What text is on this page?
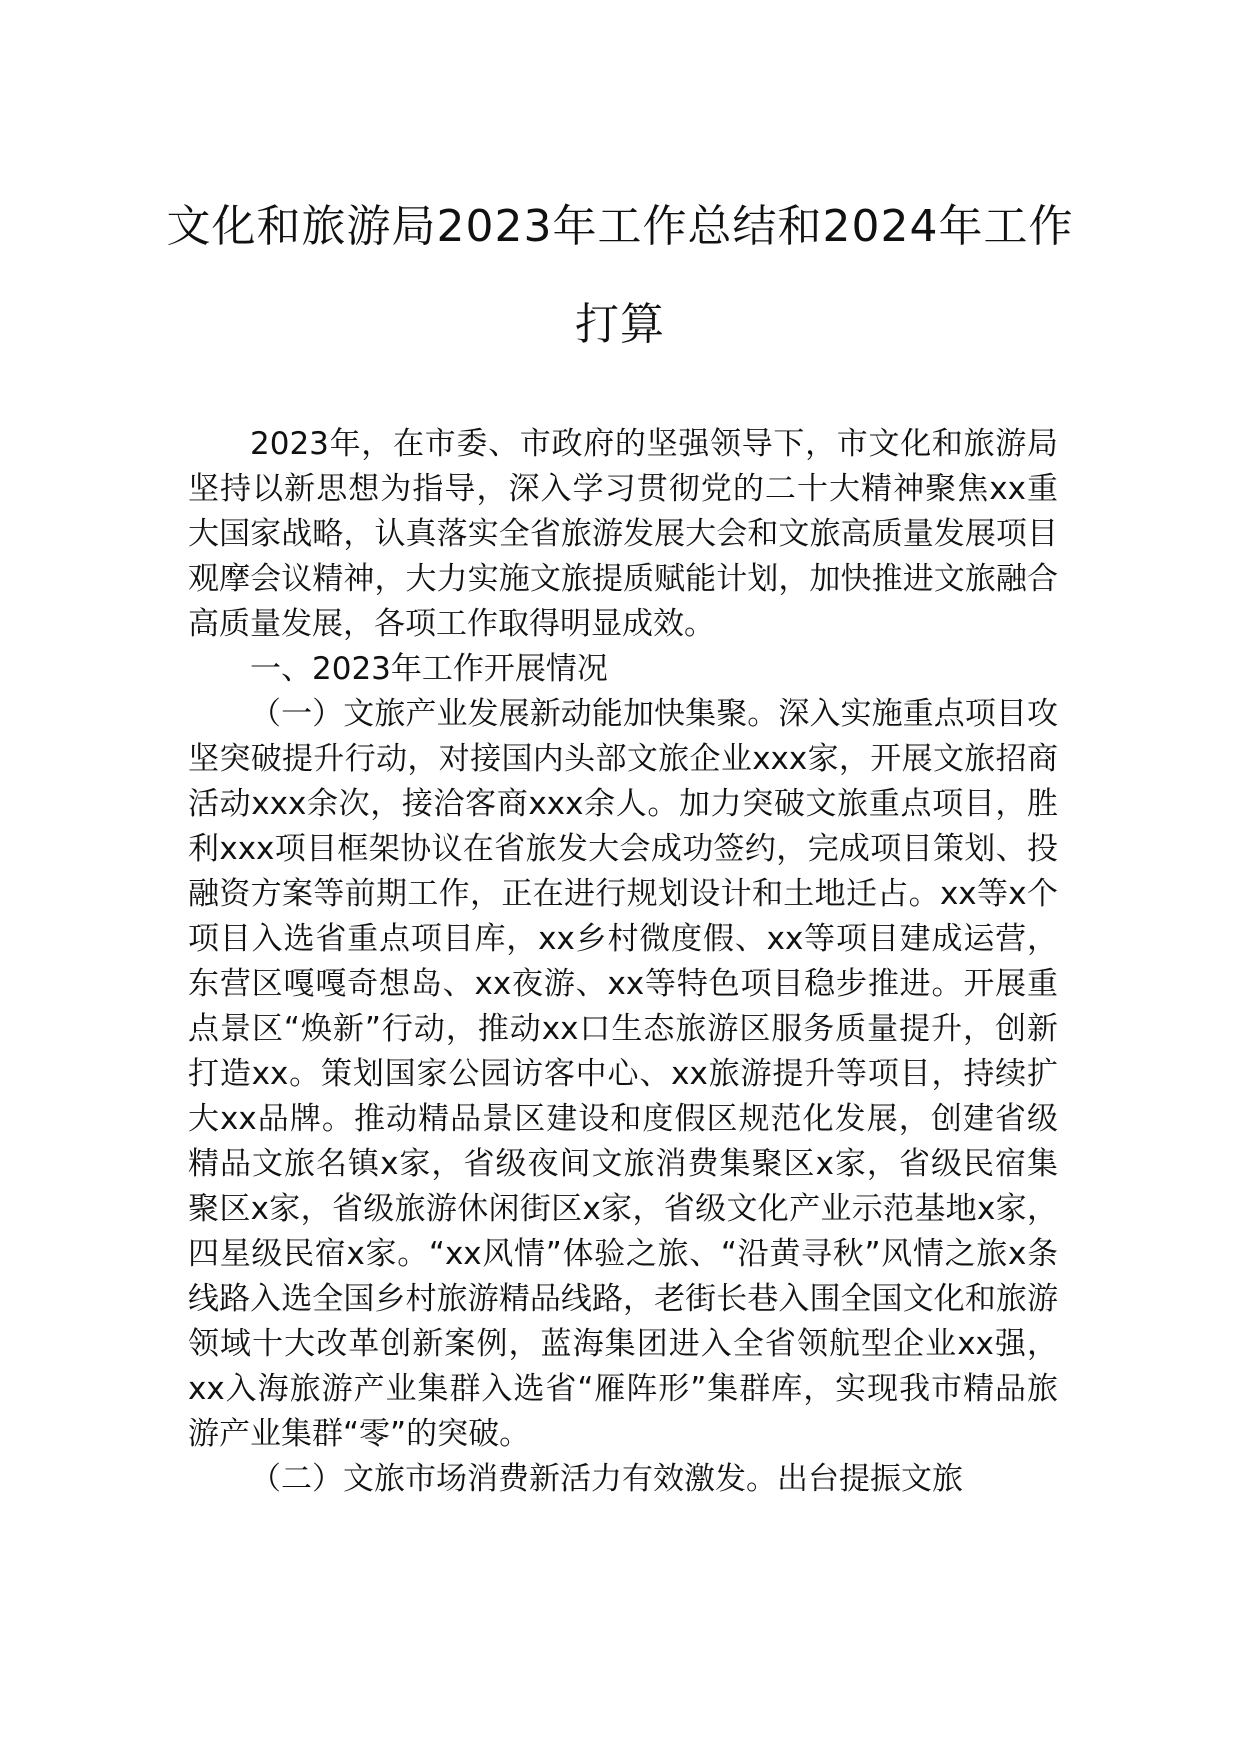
文化和旅游局2023年工作总结和2024年工作打算

2023年，在市委、市政府的坚强领导下，市文化和旅游局坚持以新思想为指导，深入学习贯彻党的二十大精神聚焦xx重大国家战略，认真落实全省旅游发展大会和文旅高质量发展项目观摩会议精神，大力实施文旅提质赋能计划，加快推进文旅融合高质量发展，各项工作取得明显成效。

一、2023年工作开展情况

（一）文旅产业发展新动能加快集聚。深入实施重点项目攻坚突破提升行动，对接国内头部文旅企业xxx家，开展文旅招商活动xxx余次，接洽客商xxx余人。加力突破文旅重点项目，胜利xxx项目框架协议在省旅发大会成功签约，完成项目策划、投融资方案等前期工作，正在进行规划设计和土地迁占。xx等x个项目入选省重点项目库，xx乡村微度假、xx等项目建成运营，东营区嘎嘎奇想岛、xx夜游、xx等特色项目稳步推进。开展重点景区“焕新”行动，推动xx口生态旅游区服务质量提升，创新打造xx。策划国家公园访客中心、xx旅游提升等项目，持续扩大xx品牌。推动精品景区建设和度假区规范化发展，创建省级精品文旅名镇x家，省级夜间文旅消费集聚区x家，省级民宿集聚区x家，省级旅游休闲街区x家，省级文化产业示范基地x家，四星级民宿x家。“xx风情”体验之旅、“沿黄寻秋”风情之旅x条线路入选全国乡村旅游精品线路，老街长巷入围全国文化和旅游领域十大改革创新案例，蓝海集团进入全省领航型企业xx强，xx入海旅游产业集群入选省“雁阵形”集群库，实现我市精品旅游产业集群“零”的突破。

（二）文旅市场消费新活力有效激发。出台提振文旅
